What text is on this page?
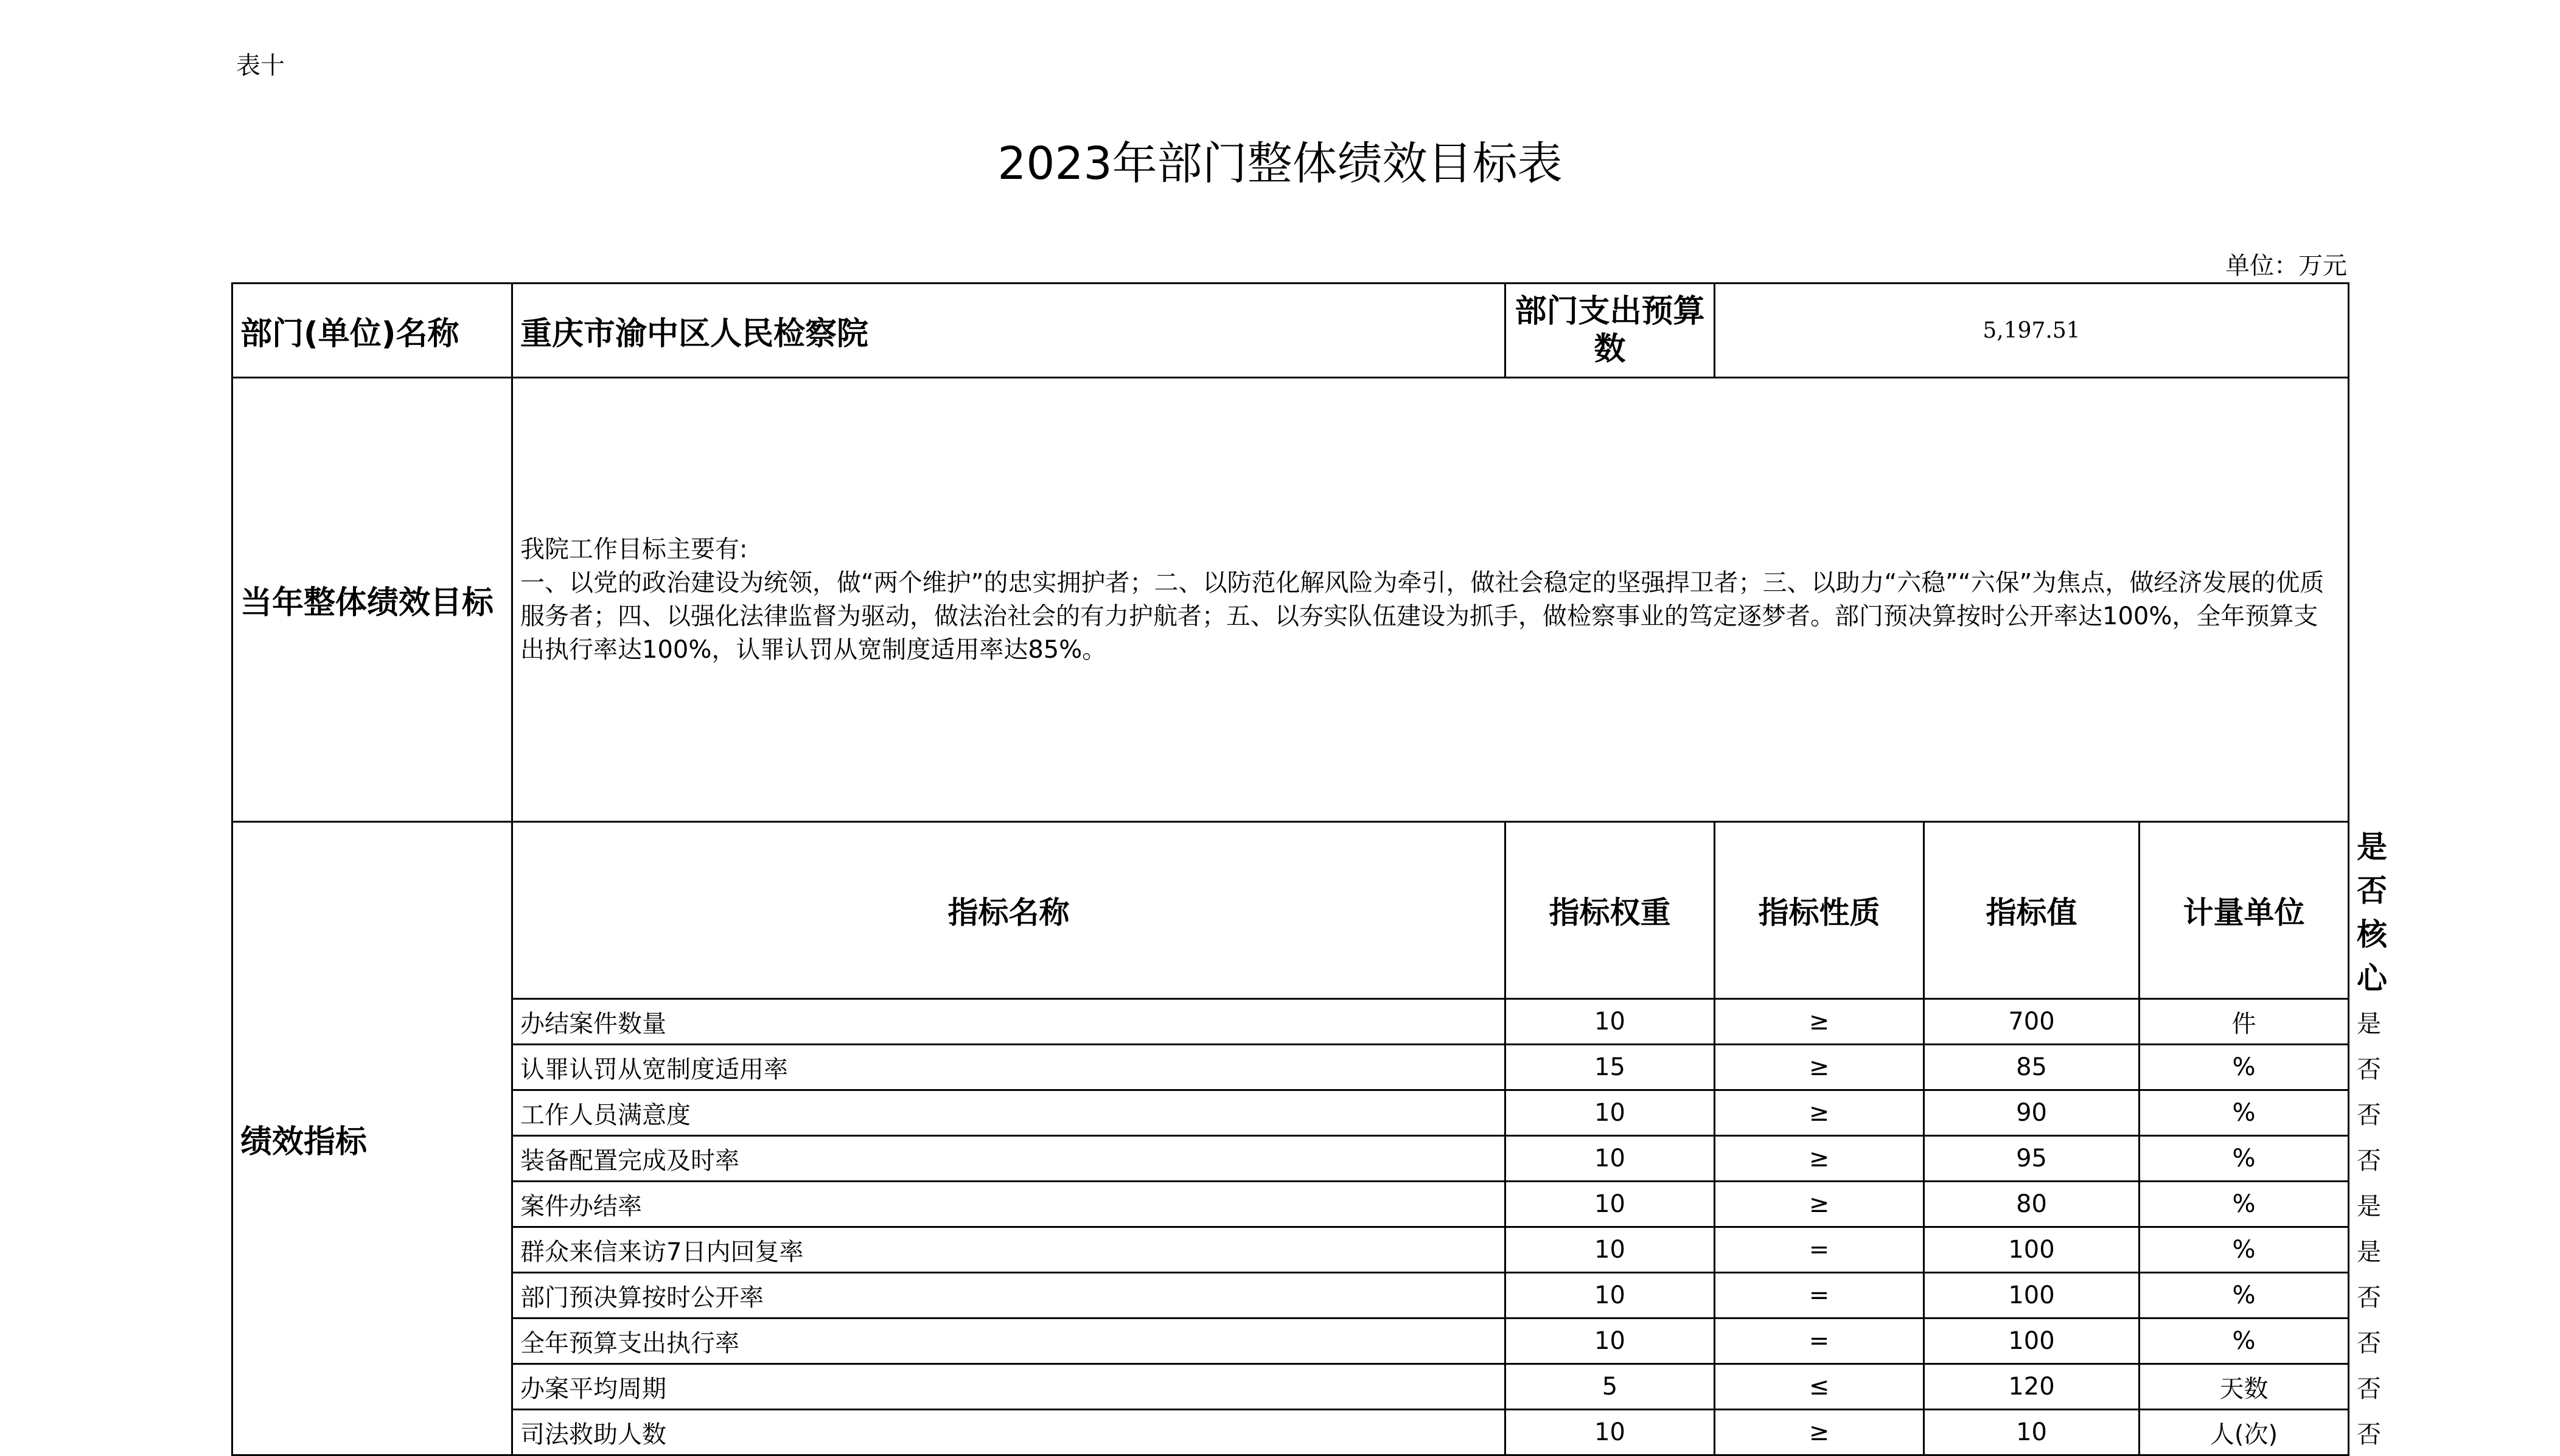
表十
2023年部门整体绩效目标表
单位：万元
部门(单位)名称	重庆市渝中区人民检察院	部门支出预算数	5,197.51			
当年整体绩效目标	我院工作目标主要有:
一、以党的政治建设为统领，做“两个维护”的忠实拥护者；二、以防范化解风险为牵引，做社会稳定的坚强捍卫者；三、以助力“六稳”“六保”为焦点，做经济发展的优质服务者；四、以强化法律监督为驱动，做法治社会的有力护航者；五、以夯实队伍建设为抓手，做检察事业的笃定逐梦者。部门预决算按时公开率达100%，全年预算支出执行率达100%，认罪认罚从宽制度适用率达85%。					

绩效指标	指标名称	指标权重	指标性质	指标值	计量单位	是否核心
	办结案件数量	10	≥	700	件	是
	认罪认罚从宽制度适用率	15	≥	85	%	否
	工作人员满意度	10	≥	90	%	否
	装备配置完成及时率	10	≥	95	%	否
	案件办结率	10	≥	80	%	是
	群众来信来访7日内回复率	10	=	100	%	是
	部门预决算按时公开率	10	=	100	%	否
	全年预算支出执行率	10	=	100	%	否
	办案平均周期	5	≤	120	天数	否
	司法救助人数	10	≥	10	人(次)	否
